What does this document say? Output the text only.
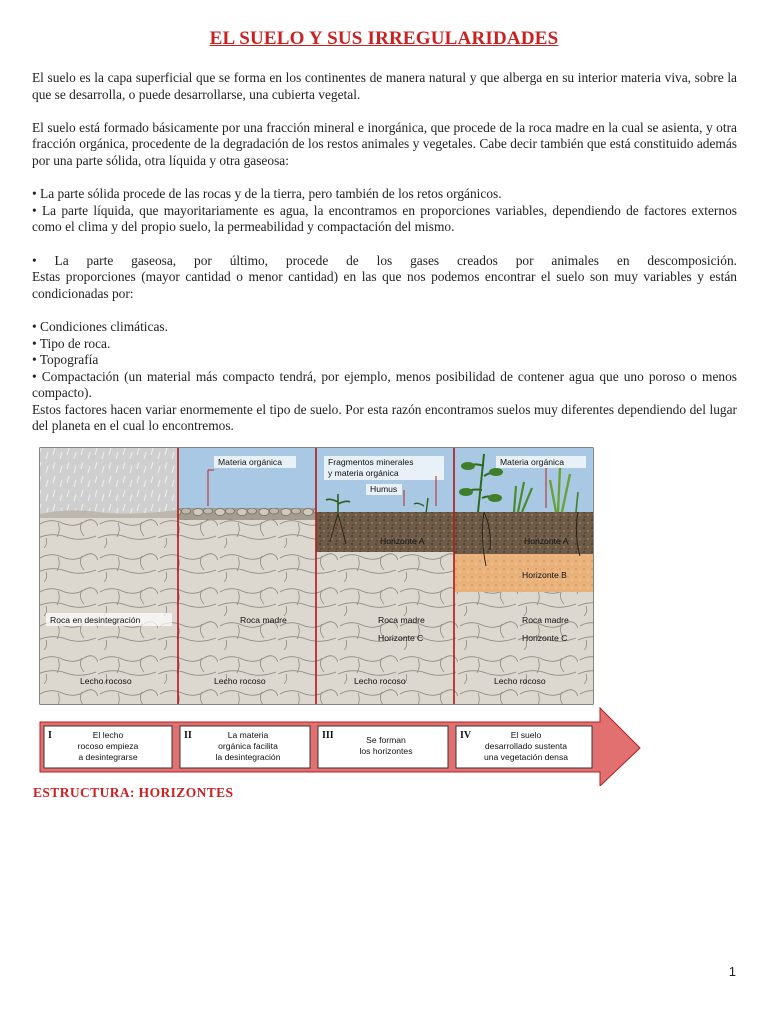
EL SUELO Y SUS IRREGULARIDADES

El suelo es la capa superficial que se forma en los continentes de manera natural y que alberga en su interior materia viva, sobre la que se desarrolla, o puede desarrollarse, una cubierta vegetal.

El suelo está formado básicamente por una fracción mineral e inorgánica, que procede de la roca madre en la cual se asienta, y otra fracción orgánica, procedente de la degradación de los restos animales y vegetales. Cabe decir también que está constituido además por una parte sólida, otra líquida y otra gaseosa:

• La parte sólida procede de las rocas y de la tierra, pero también de los retos orgánicos.

• La parte líquida, que mayoritariamente es agua, la encontramos en proporciones variables, dependiendo de factores externos como el clima y del propio suelo, la permeabilidad y compactación del mismo.

• La parte gaseosa, por último, procede de los gases creados por animales en descomposición.

Estas proporciones (mayor cantidad o menor cantidad) en las que nos podemos encontrar el suelo son muy variables y están condicionadas por:

• Condiciones climáticas.

• Tipo de roca.

• Topografía

• Compactación (un material más compacto tendrá, por ejemplo, menos posibilidad de contener agua que uno poroso o menos compacto).

Estos factores hacen variar enormemente el tipo de suelo. Por esta razón encontramos suelos muy diferentes dependiendo del lugar del planeta en el cual lo encontremos.

Materia orgánica	Fragmentos minerales
y materia orgánica
Humus
Materia orgánica
Horizonte A	Horizonte A
Horizonte B
Roca en desintegración	Roca madre	Roca madre	Roca madre
Horizonte C	Horizonte C
Lecho rocoso	Lecho rocoso	Lecho rocoso	Lecho rocoso
I	El lecho
rocoso empieza
a desintegrarse
II	La materia
orgánica facilita
la desintegración
III	Se forman
los horizontes
IV	El suelo
desarrollado sustenta
una vegetación densa
ESTRUCTURA: HORIZONTES
1
